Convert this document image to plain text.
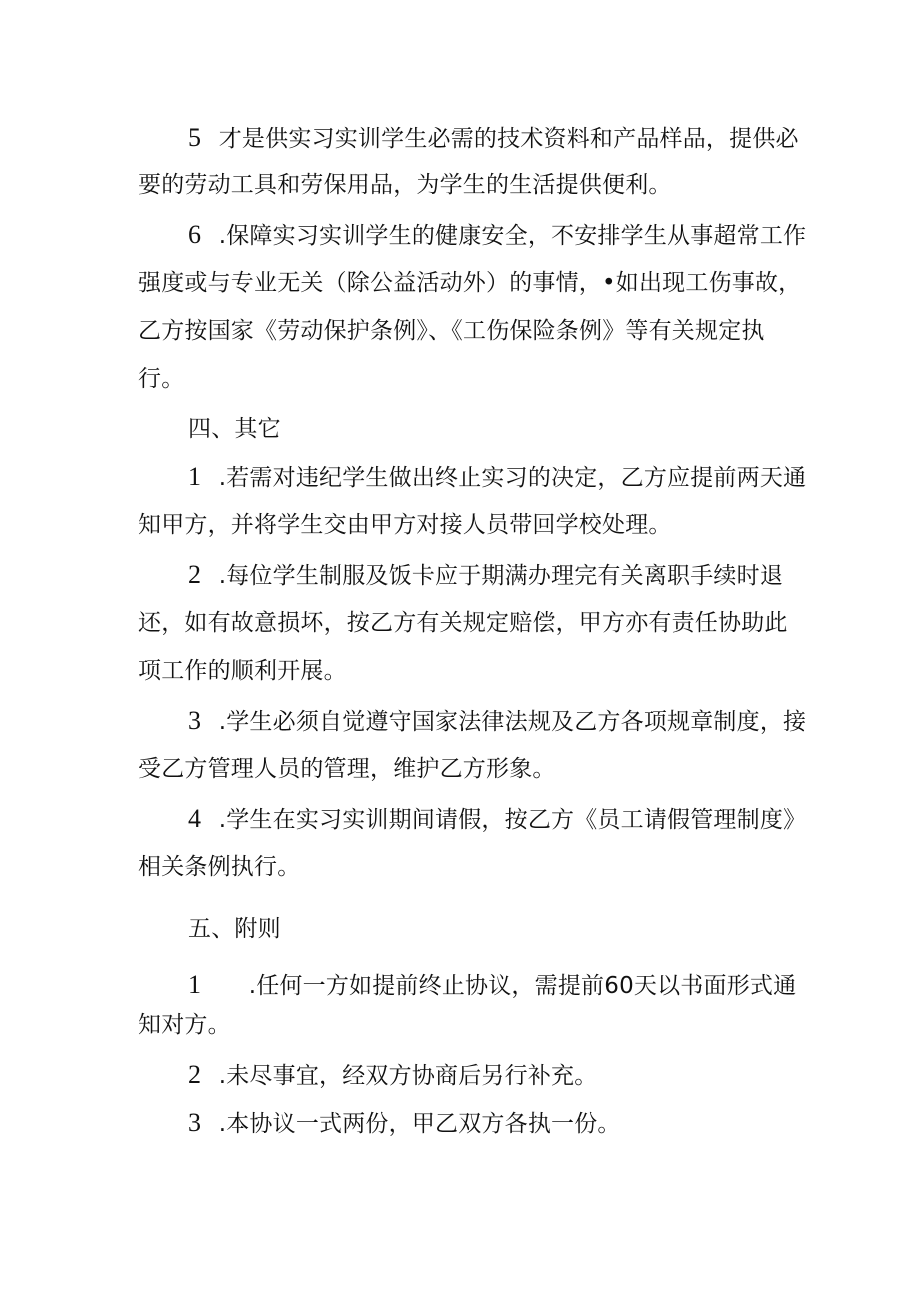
5 才是供实习实训学生必需的技术资料和产品样品，提供必

要的劳动工具和劳保用品，为学生的生活提供便利。

6 .保障实习实训学生的健康安全，不安排学生从事超常工作

强度或与专业无关（除公益活动外）的事情，•如出现工伤事故，

乙方按国家《劳动保护条例》、《工伤保险条例》等有关规定执

行。

四、其它

1 .若需对违纪学生做出终止实习的决定，乙方应提前两天通

知甲方，并将学生交由甲方对接人员带回学校处理。

2 .每位学生制服及饭卡应于期满办理完有关离职手续时退

还，如有故意损坏，按乙方有关规定赔偿，甲方亦有责任协助此

项工作的顺利开展。

3 .学生必须自觉遵守国家法律法规及乙方各项规章制度，接

受乙方管理人员的管理，维护乙方形象。

4 .学生在实习实训期间请假，按乙方《员工请假管理制度》

相关条例执行。

五、附则

1 .任何一方如提前终止协议，需提前60天以书面形式通

知对方。

2 .未尽事宜，经双方协商后另行补充。

3 .本协议一式两份，甲乙双方各执一份。
